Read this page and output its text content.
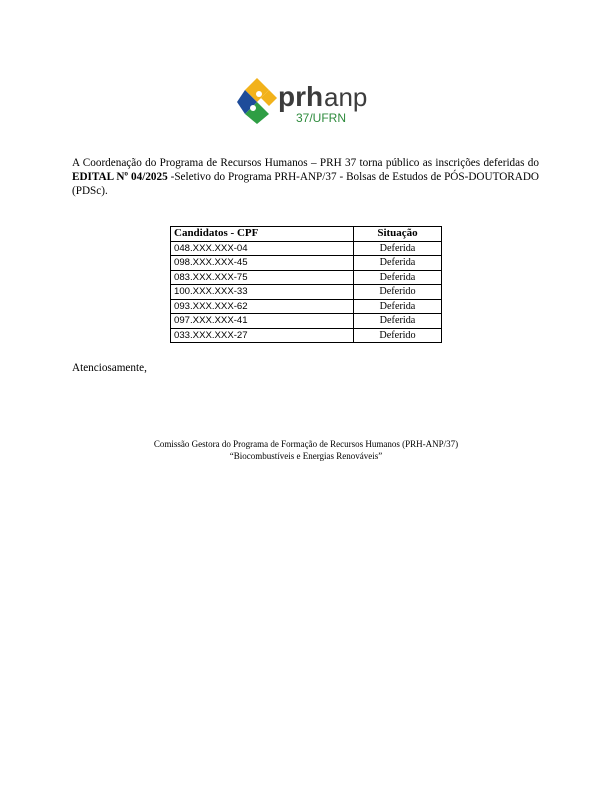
prh anp
37/UFRN

A Coordenação do Programa de Recursos Humanos – PRH 37 torna público as inscrições deferidas do EDITAL Nº 04/2025 -Seletivo do Programa PRH-ANP/37 - Bolsas de Estudos de PÓS-DOUTORADO (PDSc).

Candidatos - CPF	Situação
048.XXX.XXX-04	Deferida
098.XXX.XXX-45	Deferida
083.XXX.XXX-75	Deferida
100.XXX.XXX-33	Deferido
093.XXX.XXX-62	Deferida
097.XXX.XXX-41	Deferida
033.XXX.XXX-27	Deferido

Atenciosamente,

Comissão Gestora do Programa de Formação de Recursos Humanos (PRH-ANP/37)
“Biocombustíveis e Energias Renováveis”
